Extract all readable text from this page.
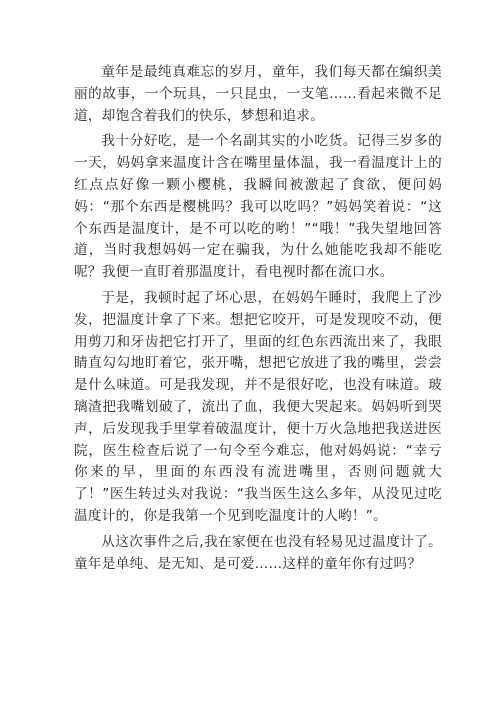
童年是最纯真难忘的岁月，童年，我们每天都在编织美丽的故事，一个玩具，一只昆虫，一支笔……看起来微不足道，却饱含着我们的快乐，梦想和追求。

我十分好吃，是一个名副其实的小吃货。记得三岁多的一天，妈妈拿来温度计含在嘴里量体温，我一看温度计上的红点点好像一颗小樱桃，我瞬间被激起了食欲，便问妈妈：“那个东西是樱桃吗？我可以吃吗？”妈妈笑着说：“这个东西是温度计，是不可以吃的哟！”“哦！”我失望地回答道，当时我想妈妈一定在骗我，为什么她能吃我却不能吃呢？我便一直盯着那温度计，看电视时都在流口水。

于是，我顿时起了坏心思，在妈妈午睡时，我爬上了沙发，把温度计拿了下来。想把它咬开，可是发现咬不动，便用剪刀和牙齿把它打开了，里面的红色东西流出来了，我眼睛直勾勾地盯着它，张开嘴，想把它放进了我的嘴里，尝尝是什么味道。可是我发现，并不是很好吃，也没有味道。玻璃渣把我嘴划破了，流出了血，我便大哭起来。妈妈听到哭声，后发现我手里掌着破温度计，便十万火急地把我送进医院，医生检查后说了一句令至今难忘，他对妈妈说：“幸亏你来的早，里面的东西没有流进嘴里，否则问题就大了！”医生转过头对我说：“我当医生这么多年，从没见过吃温度计的，你是我第一个见到吃温度计的人哟！”。

从这次事件之后,我在家便在也没有轻易见过温度计了。童年是单纯、是无知、是可爱……这样的童年你有过吗？
